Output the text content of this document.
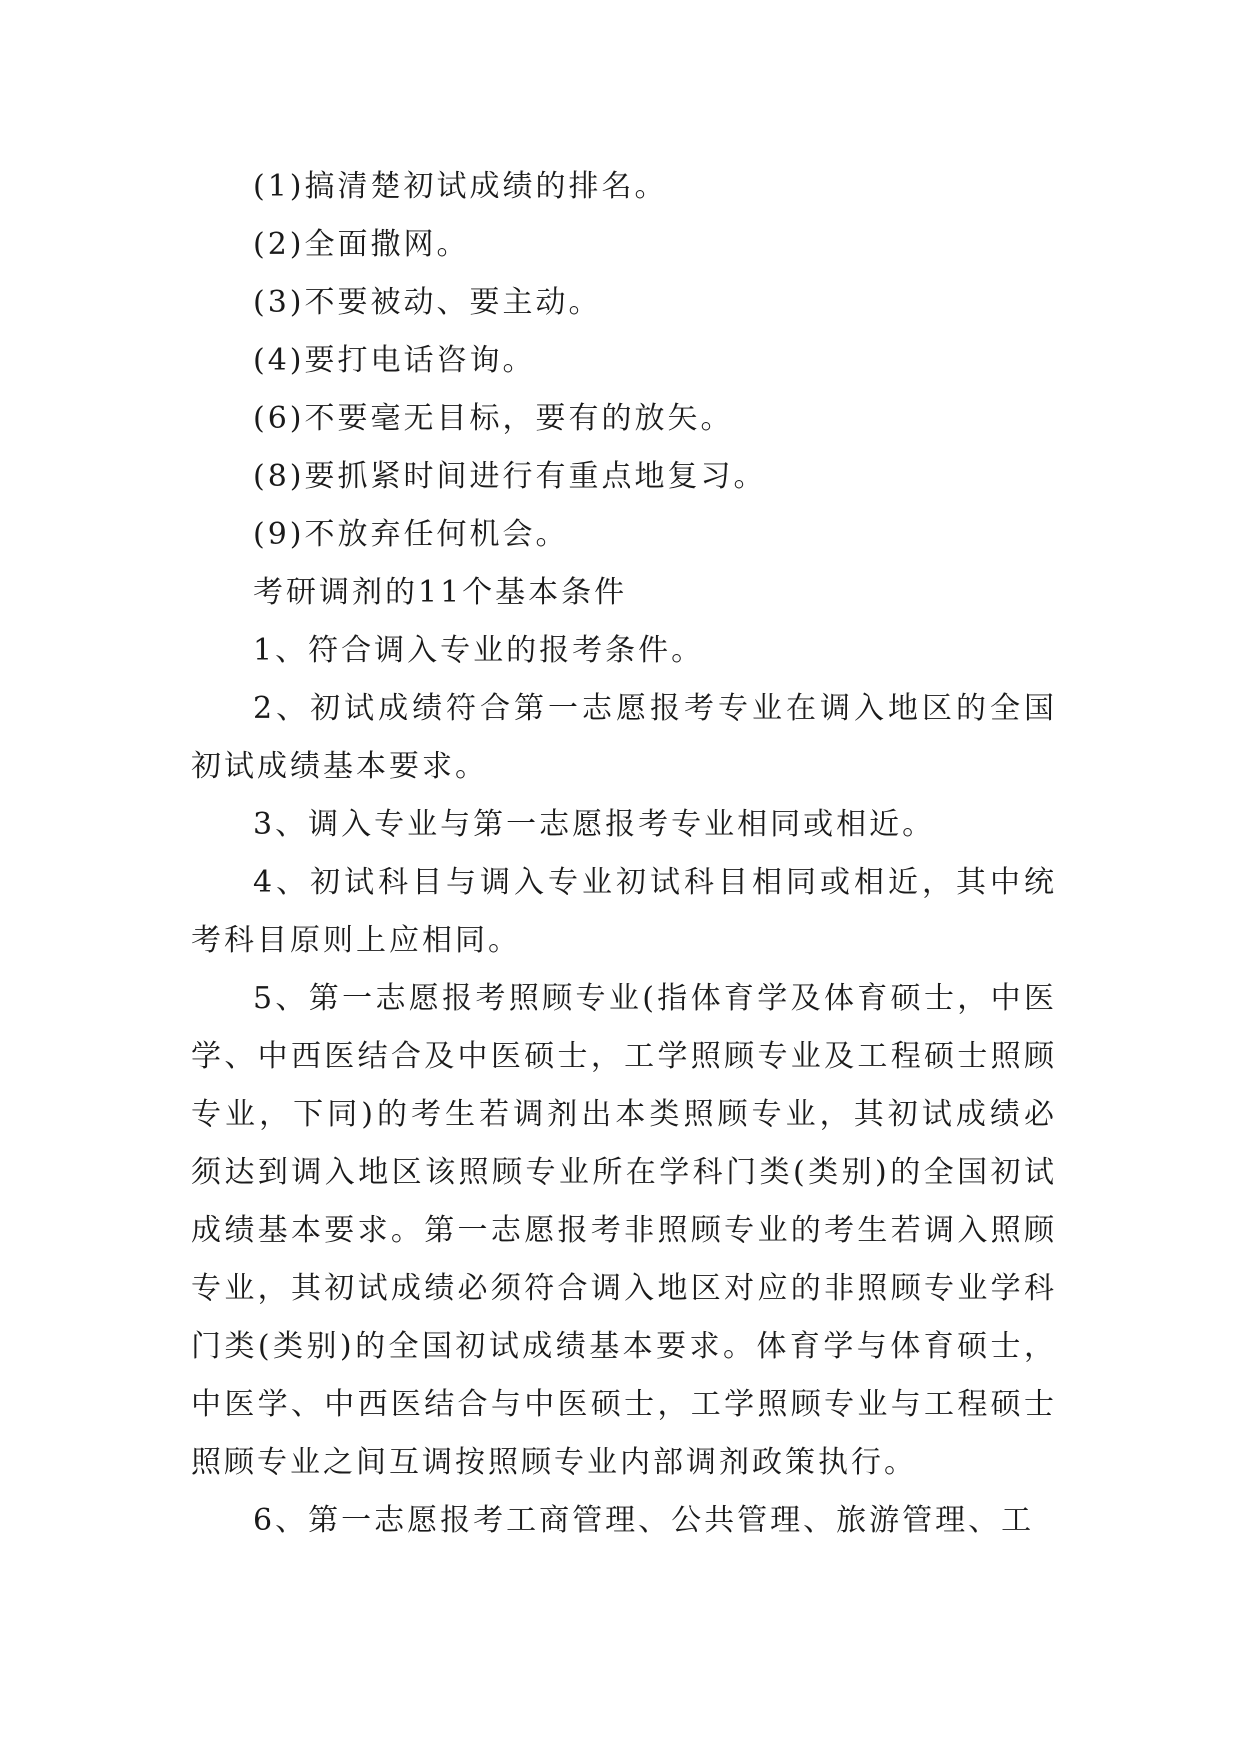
(1)搞清楚初试成绩的排名。

(2)全面撒网。

(3)不要被动、要主动。

(4)要打电话咨询。

(6)不要毫无目标，要有的放矢。

(8)要抓紧时间进行有重点地复习。

(9)不放弃任何机会。

考研调剂的11个基本条件

1、符合调入专业的报考条件。

2、初试成绩符合第一志愿报考专业在调入地区的全国初试成绩基本要求。

3、调入专业与第一志愿报考专业相同或相近。

4、初试科目与调入专业初试科目相同或相近，其中统考科目原则上应相同。

5、第一志愿报考照顾专业(指体育学及体育硕士，中医学、中西医结合及中医硕士，工学照顾专业及工程硕士照顾专业，下同)的考生若调剂出本类照顾专业，其初试成绩必须达到调入地区该照顾专业所在学科门类(类别)的全国初试成绩基本要求。第一志愿报考非照顾专业的考生若调入照顾专业，其初试成绩必须符合调入地区对应的非照顾专业学科门类(类别)的全国初试成绩基本要求。体育学与体育硕士，中医学、中西医结合与中医硕士，工学照顾专业与工程硕士照顾专业之间互调按照顾专业内部调剂政策执行。

6、第一志愿报考工商管理、公共管理、旅游管理、工
